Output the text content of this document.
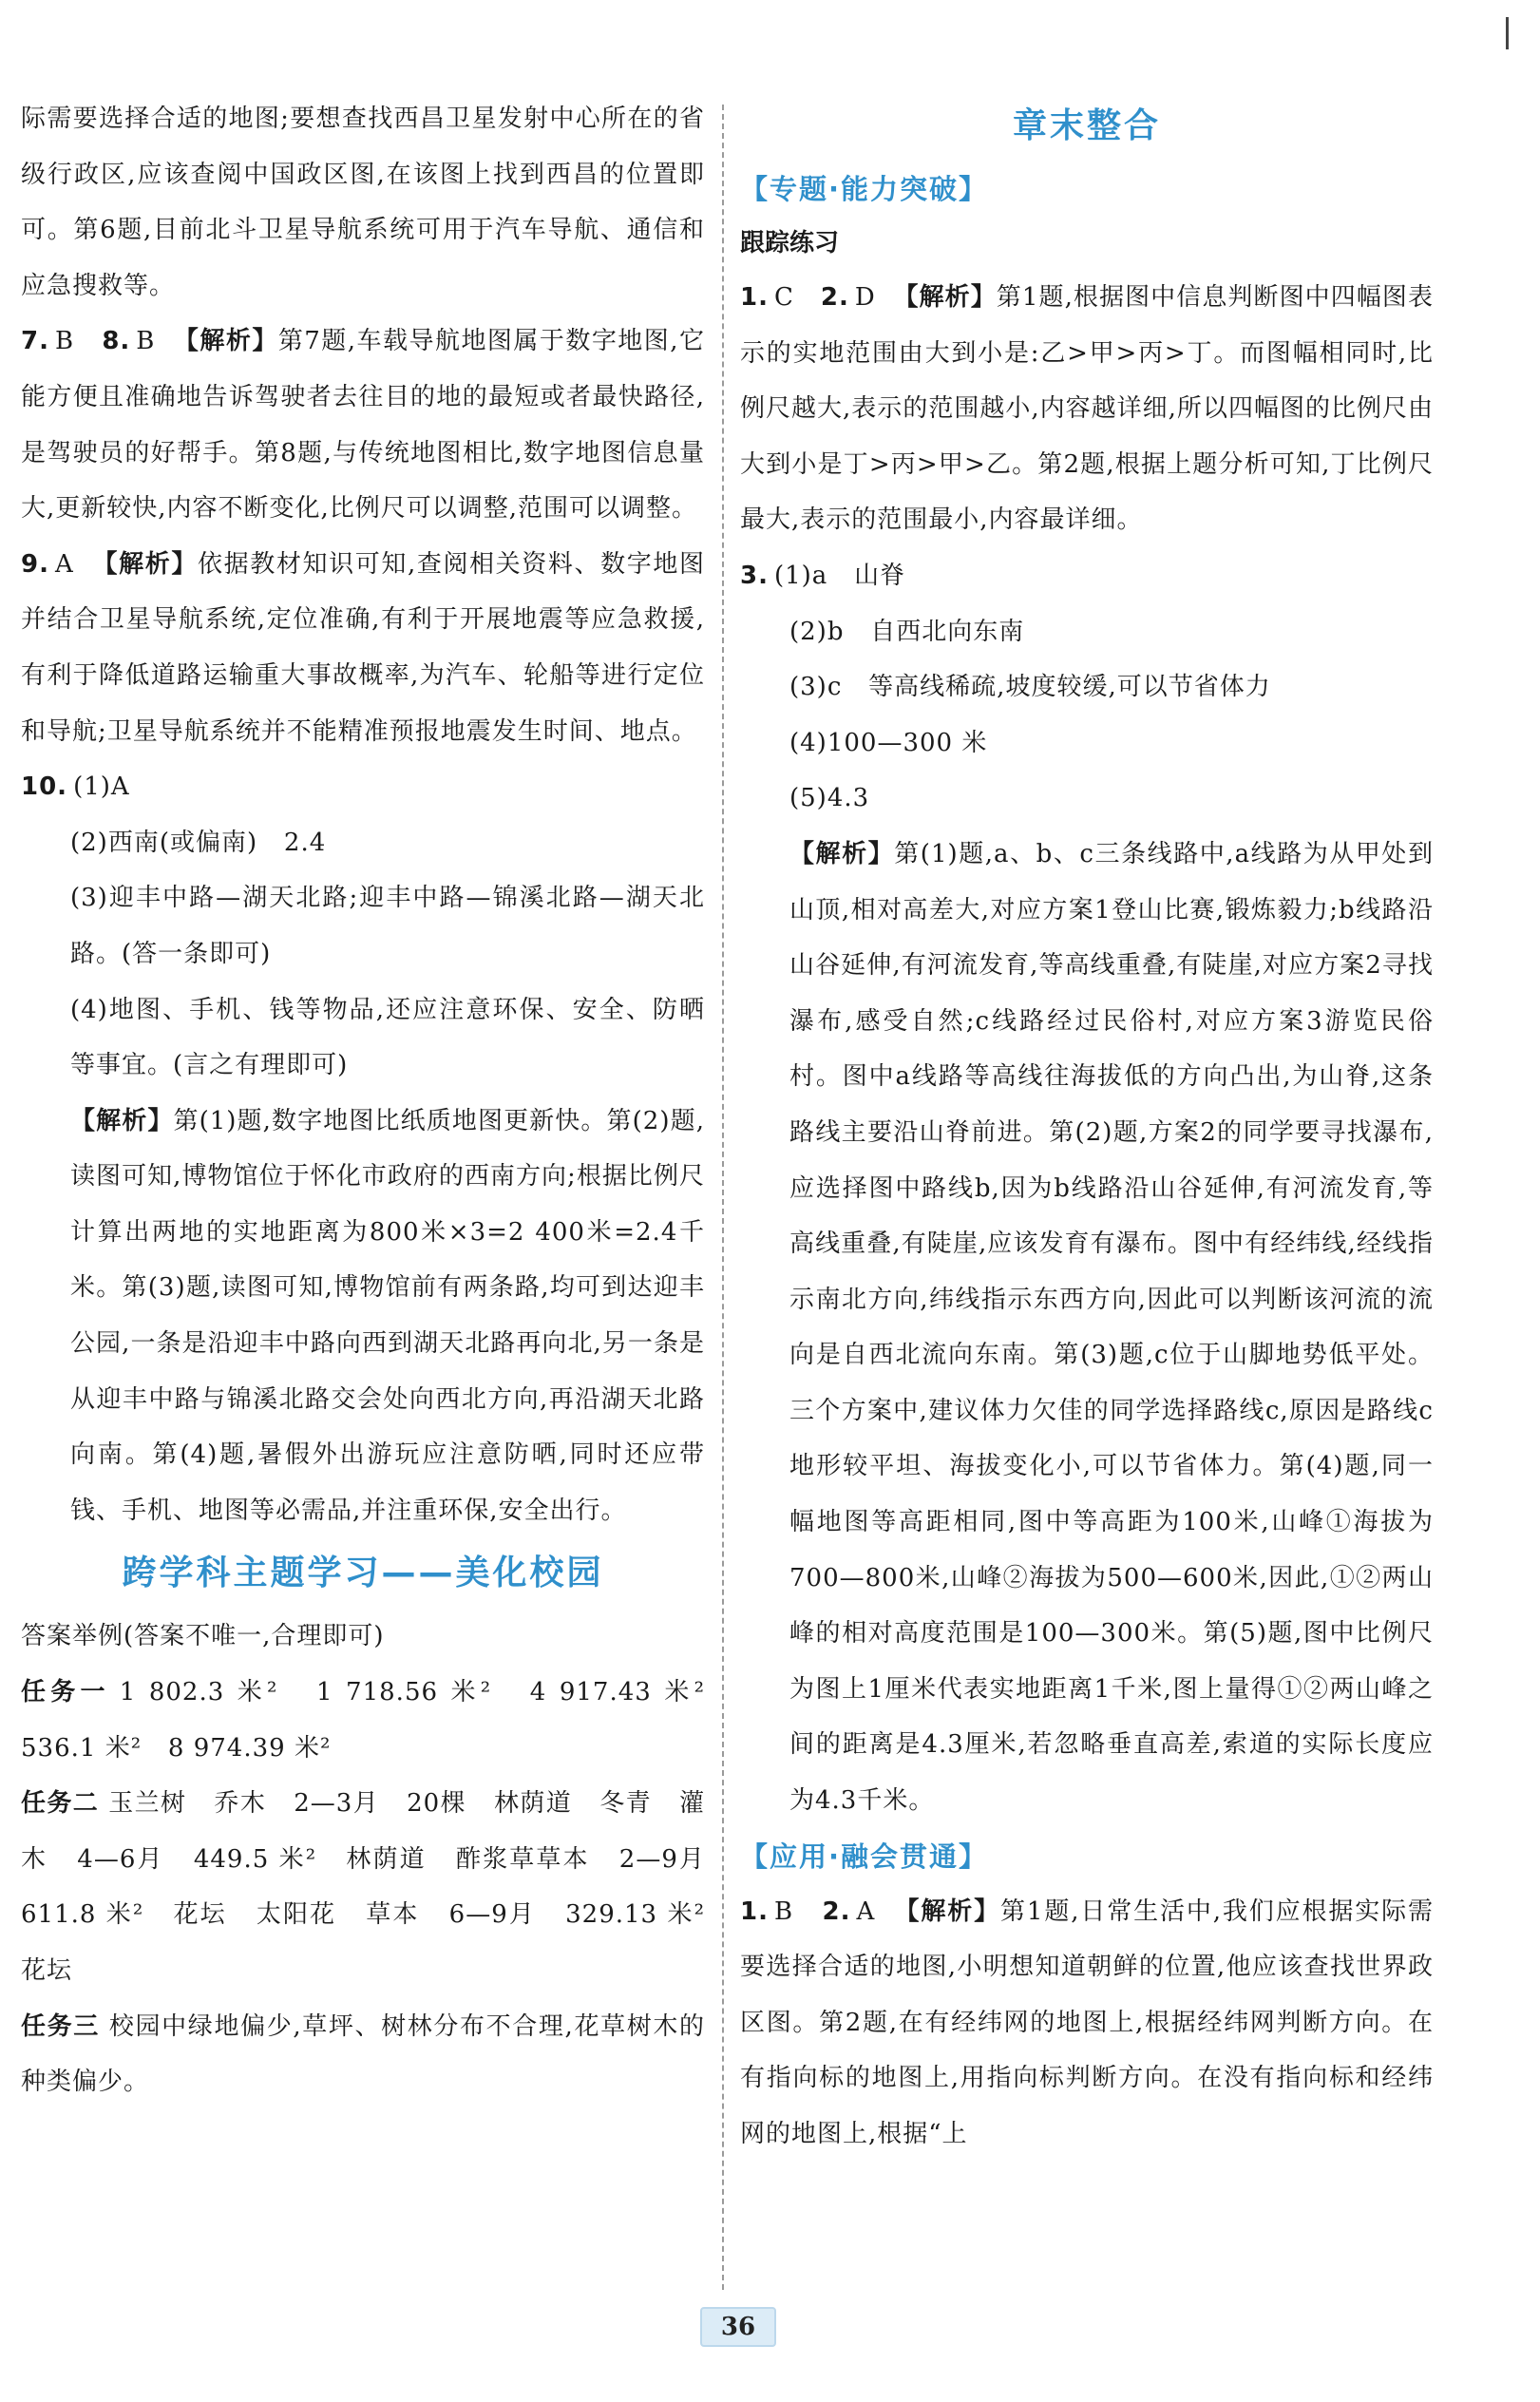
际需要选择合适的地图;要想查找西昌卫星发射中心所在的省级行政区,应该查阅中国政区图,在该图上找到西昌的位置即可。第6题,目前北斗卫星导航系统可用于汽车导航、通信和应急搜救等。

7. B 8. B 【解析】第7题,车载导航地图属于数字地图,它能方便且准确地告诉驾驶者去往目的地的最短或者最快路径,是驾驶员的好帮手。第8题,与传统地图相比,数字地图信息量大,更新较快,内容不断变化,比例尺可以调整,范围可以调整。

9. A 【解析】依据教材知识可知,查阅相关资料、数字地图并结合卫星导航系统,定位准确,有利于开展地震等应急救援,有利于降低道路运输重大事故概率,为汽车、轮船等进行定位和导航;卫星导航系统并不能精准预报地震发生时间、地点。

10. (1)A

(2)西南(或偏南)   2.4

(3)迎丰中路—湖天北路;迎丰中路—锦溪北路—湖天北路。(答一条即可)

(4)地图、手机、钱等物品,还应注意环保、安全、防晒等事宜。(言之有理即可)

【解析】第(1)题,数字地图比纸质地图更新快。第(2)题,读图可知,博物馆位于怀化市政府的西南方向;根据比例尺计算出两地的实地距离为800米×3=2 400米=2.4千米。第(3)题,读图可知,博物馆前有两条路,均可到达迎丰公园,一条是沿迎丰中路向西到湖天北路再向北,另一条是从迎丰中路与锦溪北路交会处向西北方向,再沿湖天北路向南。第(4)题,暑假外出游玩应注意防晒,同时还应带钱、手机、地图等必需品,并注重环保,安全出行。

跨学科主题学习——美化校园

答案举例(答案不唯一,合理即可)

任务一 1 802.3 米²   1 718.56 米²   4 917.43 米²   536.1 米²   8 974.39 米²

任务二 玉兰树   乔木   2—3月   20棵   林荫道   冬青   灌木   4—6月   449.5 米²   林荫道   酢浆草草本   2—9月   611.8 米²   花坛   太阳花   草本   6—9月   329.13 米²   花坛

任务三 校园中绿地偏少,草坪、树林分布不合理,花草树木的种类偏少。

章末整合
【专题·能力突破】
跟踪练习

1. C 2. D 【解析】第1题,根据图中信息判断图中四幅图表示的实地范围由大到小是:乙>甲>丙>丁。而图幅相同时,比例尺越大,表示的范围越小,内容越详细,所以四幅图的比例尺由大到小是丁>丙>甲>乙。第2题,根据上题分析可知,丁比例尺最大,表示的范围最小,内容最详细。

3. (1)a   山脊

(2)b   自西北向东南

(3)c   等高线稀疏,坡度较缓,可以节省体力

(4)100—300 米

(5)4.3

【解析】第(1)题,a、b、c三条线路中,a线路为从甲处到山顶,相对高差大,对应方案1登山比赛,锻炼毅力;b线路沿山谷延伸,有河流发育,等高线重叠,有陡崖,对应方案2寻找瀑布,感受自然;c线路经过民俗村,对应方案3游览民俗村。图中a线路等高线往海拔低的方向凸出,为山脊,这条路线主要沿山脊前进。第(2)题,方案2的同学要寻找瀑布,应选择图中路线b,因为b线路沿山谷延伸,有河流发育,等高线重叠,有陡崖,应该发育有瀑布。图中有经纬线,经线指示南北方向,纬线指示东西方向,因此可以判断该河流的流向是自西北流向东南。第(3)题,c位于山脚地势低平处。三个方案中,建议体力欠佳的同学选择路线c,原因是路线c地形较平坦、海拔变化小,可以节省体力。第(4)题,同一幅地图等高距相同,图中等高距为100米,山峰①海拔为700—800米,山峰②海拔为500—600米,因此,①②两山峰的相对高度范围是100—300米。第(5)题,图中比例尺为图上1厘米代表实地距离1千米,图上量得①②两山峰之间的距离是4.3厘米,若忽略垂直高差,索道的实际长度应为4.3千米。

【应用·融会贯通】

1. B 2. A 【解析】第1题,日常生活中,我们应根据实际需要选择合适的地图,小明想知道朝鲜的位置,他应该查找世界政区图。第2题,在有经纬网的地图上,根据经纬网判断方向。在有指向标的地图上,用指向标判断方向。在没有指向标和经纬网的地图上,根据“上

36
